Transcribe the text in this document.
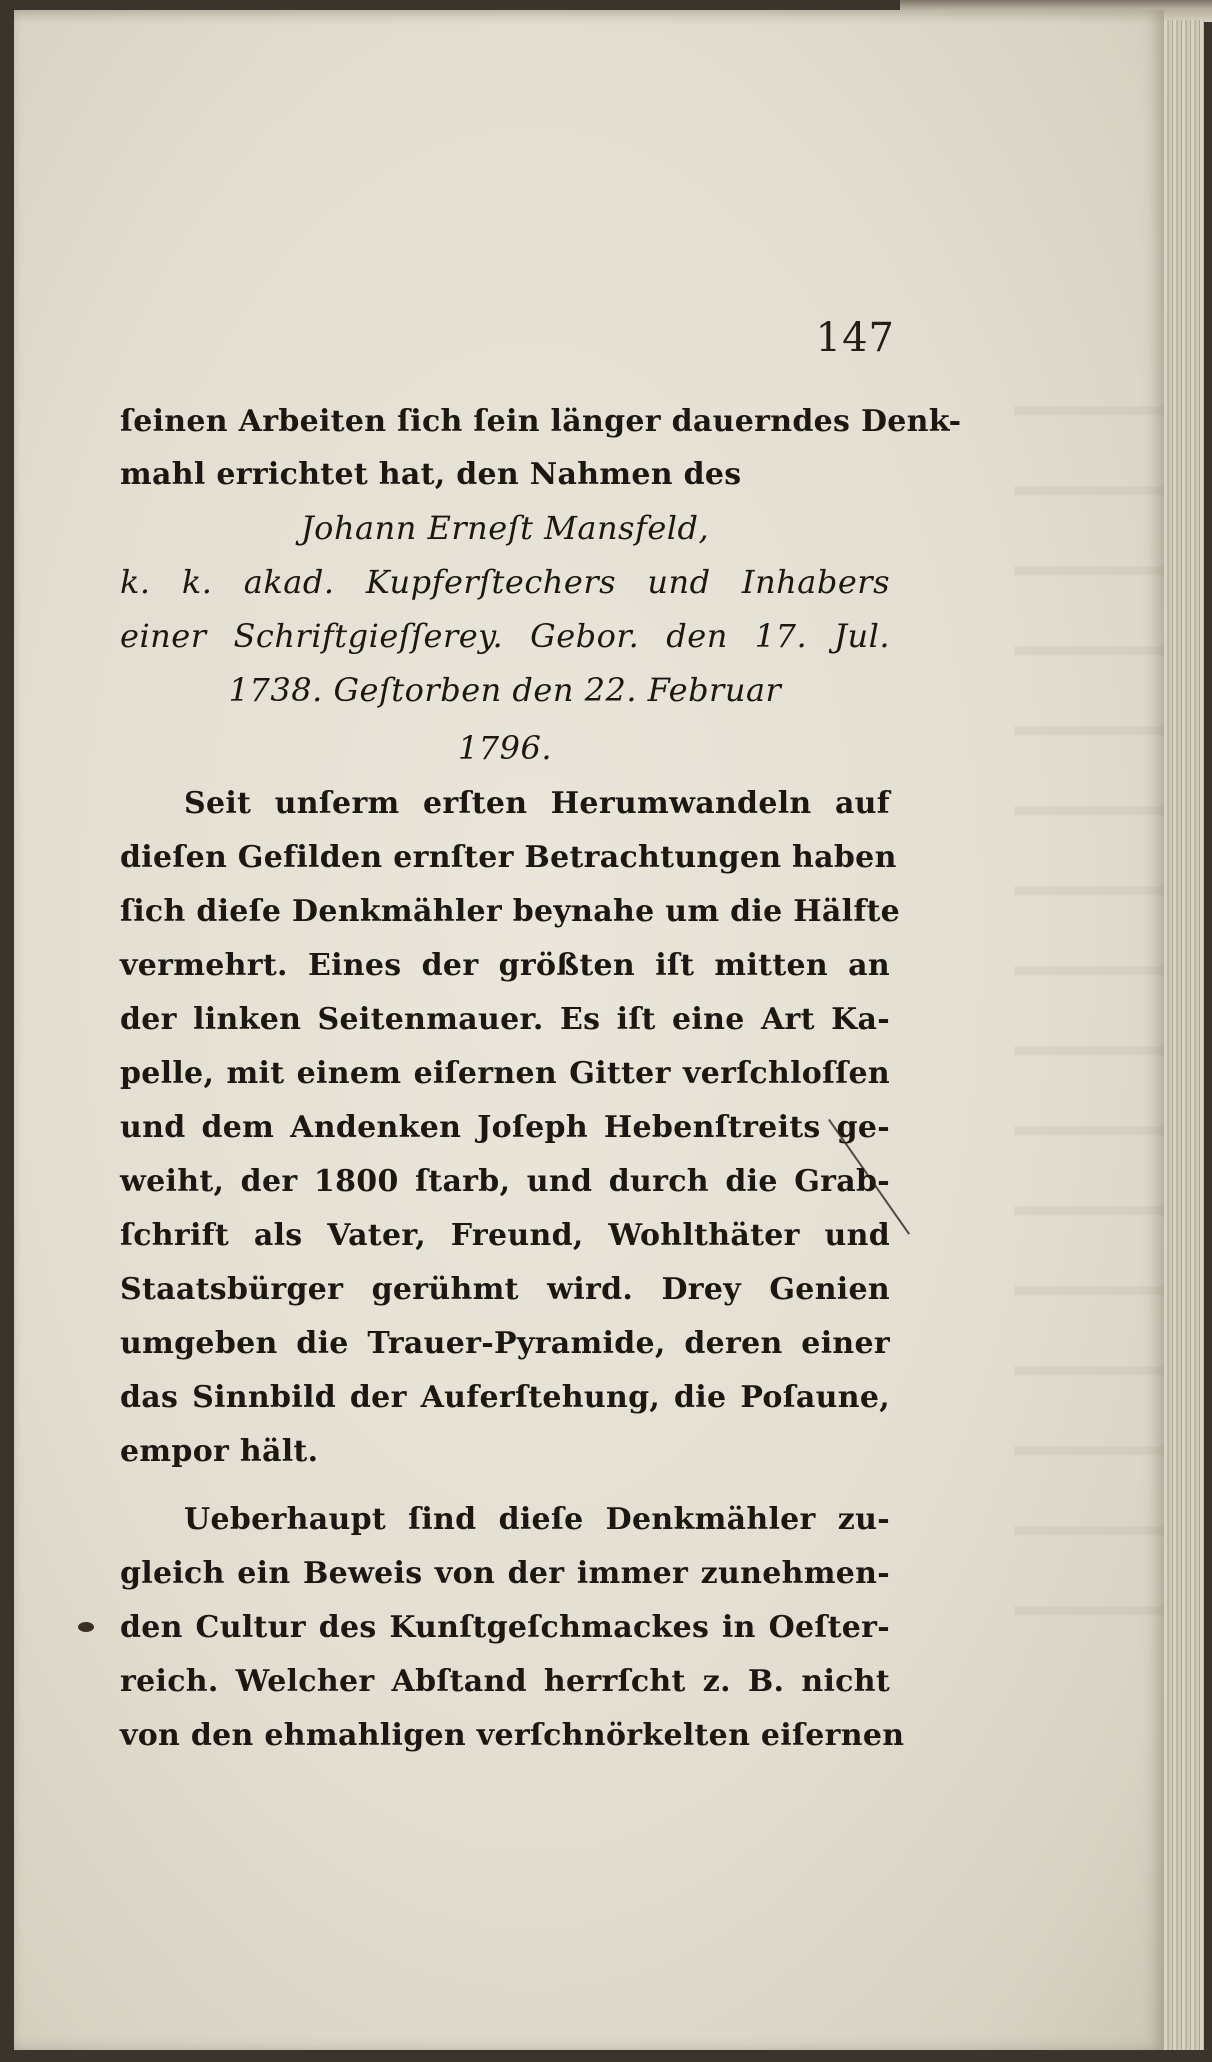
147
ſeinen Arbeiten ſich ſein länger dauerndes Denk-
mahl errichtet hat, den Nahmen des
Johann Erneſt Mansfeld,
k. k. akad. Kupferſtechers und Inhabers
einer Schriftgieſſerey. Gebor. den 17. Jul.
1738. Geſtorben den 22. Februar
1796.
Seit unſerm erſten Herumwandeln auf
dieſen Gefilden ernſter Betrachtungen haben
ſich dieſe Denkmähler beynahe um die Hälfte
vermehrt. Eines der größten iſt mitten an
der linken Seitenmauer. Es iſt eine Art Ka-
pelle, mit einem eiſernen Gitter verſchloſſen
und dem Andenken Joſeph Hebenſtreits ge-
weiht, der 1800 ſtarb, und durch die Grab-
ſchrift als Vater, Freund, Wohlthäter und
Staatsbürger gerühmt wird. Drey Genien
umgeben die Trauer-Pyramide, deren einer
das Sinnbild der Auferſtehung, die Poſaune,
empor hält.
Ueberhaupt ſind dieſe Denkmähler zu-
gleich ein Beweis von der immer zunehmen-
den Cultur des Kunſtgeſchmackes in Oeſter-
reich. Welcher Abſtand herrſcht z. B. nicht
von den ehmahligen verſchnörkelten eiſernen
